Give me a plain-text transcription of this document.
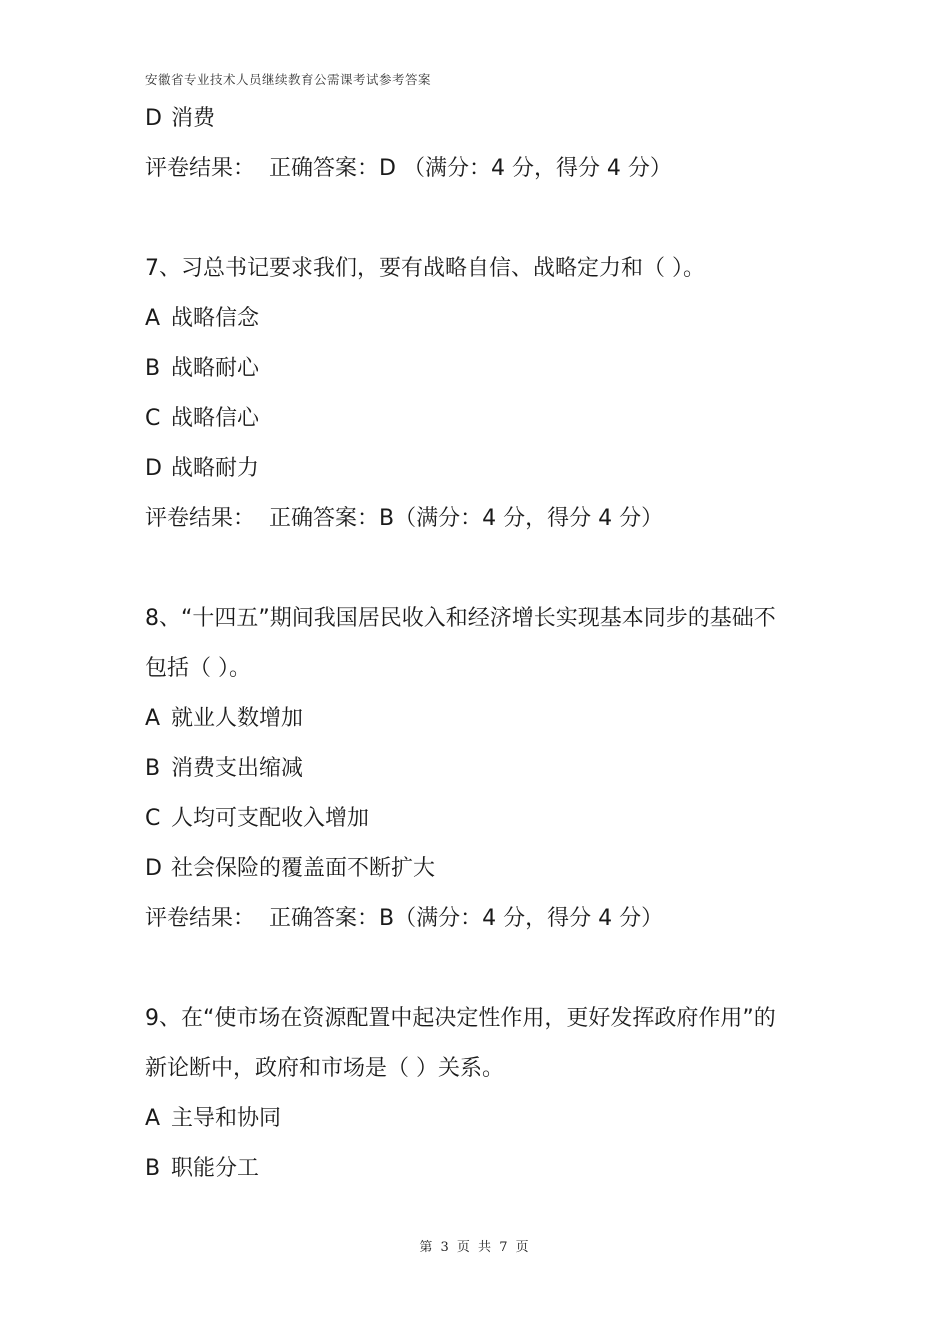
安徽省专业技术人员继续教育公需课考试参考答案
D 消费
评卷结果： 正确答案：D （满分：4 分，得分 4 分）
7、习总书记要求我们，要有战略自信、战略定力和（ ）。
A 战略信念
B 战略耐心
C 战略信心
D 战略耐力
评卷结果： 正确答案：B（满分：4 分，得分 4 分）
8、“十四五”期间我国居民收入和经济增长实现基本同步的基础不
包括（ ）。
A 就业人数增加
B 消费支出缩减
C 人均可支配收入增加
D 社会保险的覆盖面不断扩大
评卷结果： 正确答案：B（满分：4 分，得分 4 分）
9、在“使市场在资源配置中起决定性作用，更好发挥政府作用”的
新论断中，政府和市场是（ ）关系。
A 主导和协同
B 职能分工
第 3 页 共 7 页
